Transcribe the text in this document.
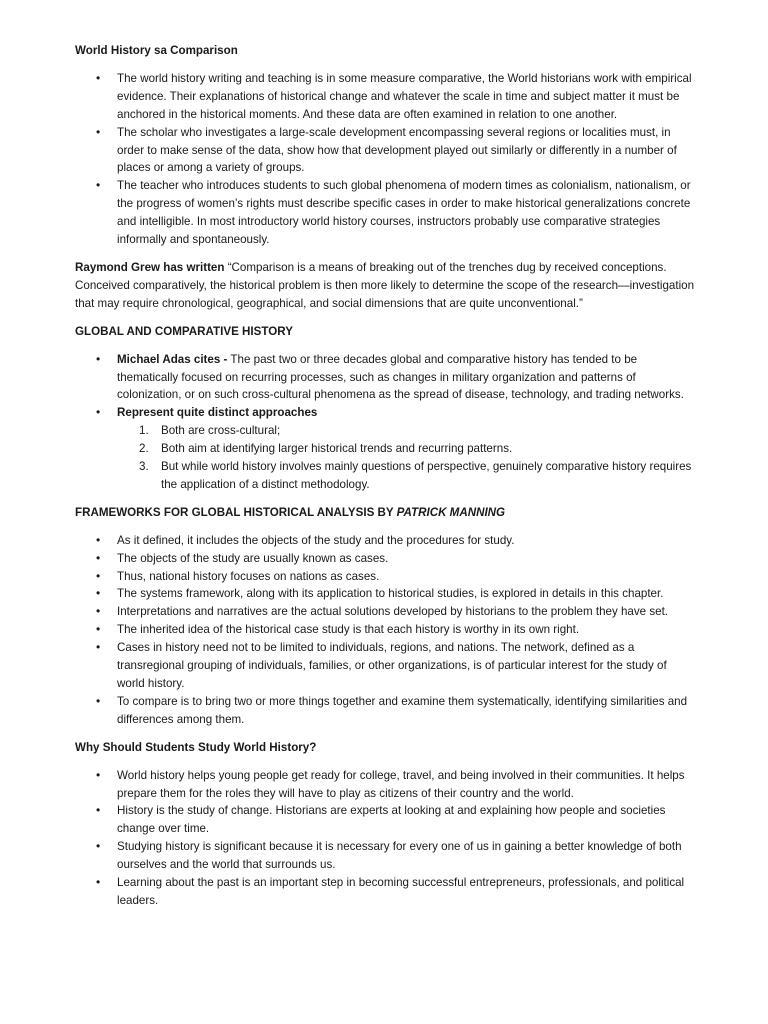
World History sa Comparison
• The world history writing and teaching is in some measure comparative, the World historians work with empirical evidence. Their explanations of historical change and whatever the scale in time and subject matter it must be anchored in the historical moments. And these data are often examined in relation to one another.
• The scholar who investigates a large-scale development encompassing several regions or localities must, in order to make sense of the data, show how that development played out similarly or differently in a number of places or among a variety of groups.
• The teacher who introduces students to such global phenomena of modern times as colonialism, nationalism, or the progress of women’s rights must describe specific cases in order to make historical generalizations concrete and intelligible. In most introductory world history courses, instructors probably use comparative strategies informally and spontaneously.

Raymond Grew has written “Comparison is a means of breaking out of the trenches dug by received conceptions. Conceived comparatively, the historical problem is then more likely to determine the scope of the research—investigation that may require chronological, geographical, and social dimensions that are quite unconventional.”

GLOBAL AND COMPARATIVE HISTORY
• Michael Adas cites - The past two or three decades global and comparative history has tended to be thematically focused on recurring processes, such as changes in military organization and patterns of colonization, or on such cross-cultural phenomena as the spread of disease, technology, and trading networks.
• Represent quite distinct approaches
1. Both are cross-cultural;
2. Both aim at identifying larger historical trends and recurring patterns.
3. But while world history involves mainly questions of perspective, genuinely comparative history requires the application of a distinct methodology.
FRAMEWORKS FOR GLOBAL HISTORICAL ANALYSIS BY PATRICK MANNING
• As it defined, it includes the objects of the study and the procedures for study.
• The objects of the study are usually known as cases.
• Thus, national history focuses on nations as cases.
• The systems framework, along with its application to historical studies, is explored in details in this chapter.
• Interpretations and narratives are the actual solutions developed by historians to the problem they have set.
• The inherited idea of the historical case study is that each history is worthy in its own right.
• Cases in history need not to be limited to individuals, regions, and nations. The network, defined as a transregional grouping of individuals, families, or other organizations, is of particular interest for the study of world history.
• To compare is to bring two or more things together and examine them systematically, identifying similarities and differences among them.
Why Should Students Study World History?
• World history helps young people get ready for college, travel, and being involved in their communities. It helps prepare them for the roles they will have to play as citizens of their country and the world.
• History is the study of change. Historians are experts at looking at and explaining how people and societies change over time.
• Studying history is significant because it is necessary for every one of us in gaining a better knowledge of both ourselves and the world that surrounds us.
• Learning about the past is an important step in becoming successful entrepreneurs, professionals, and political leaders.
